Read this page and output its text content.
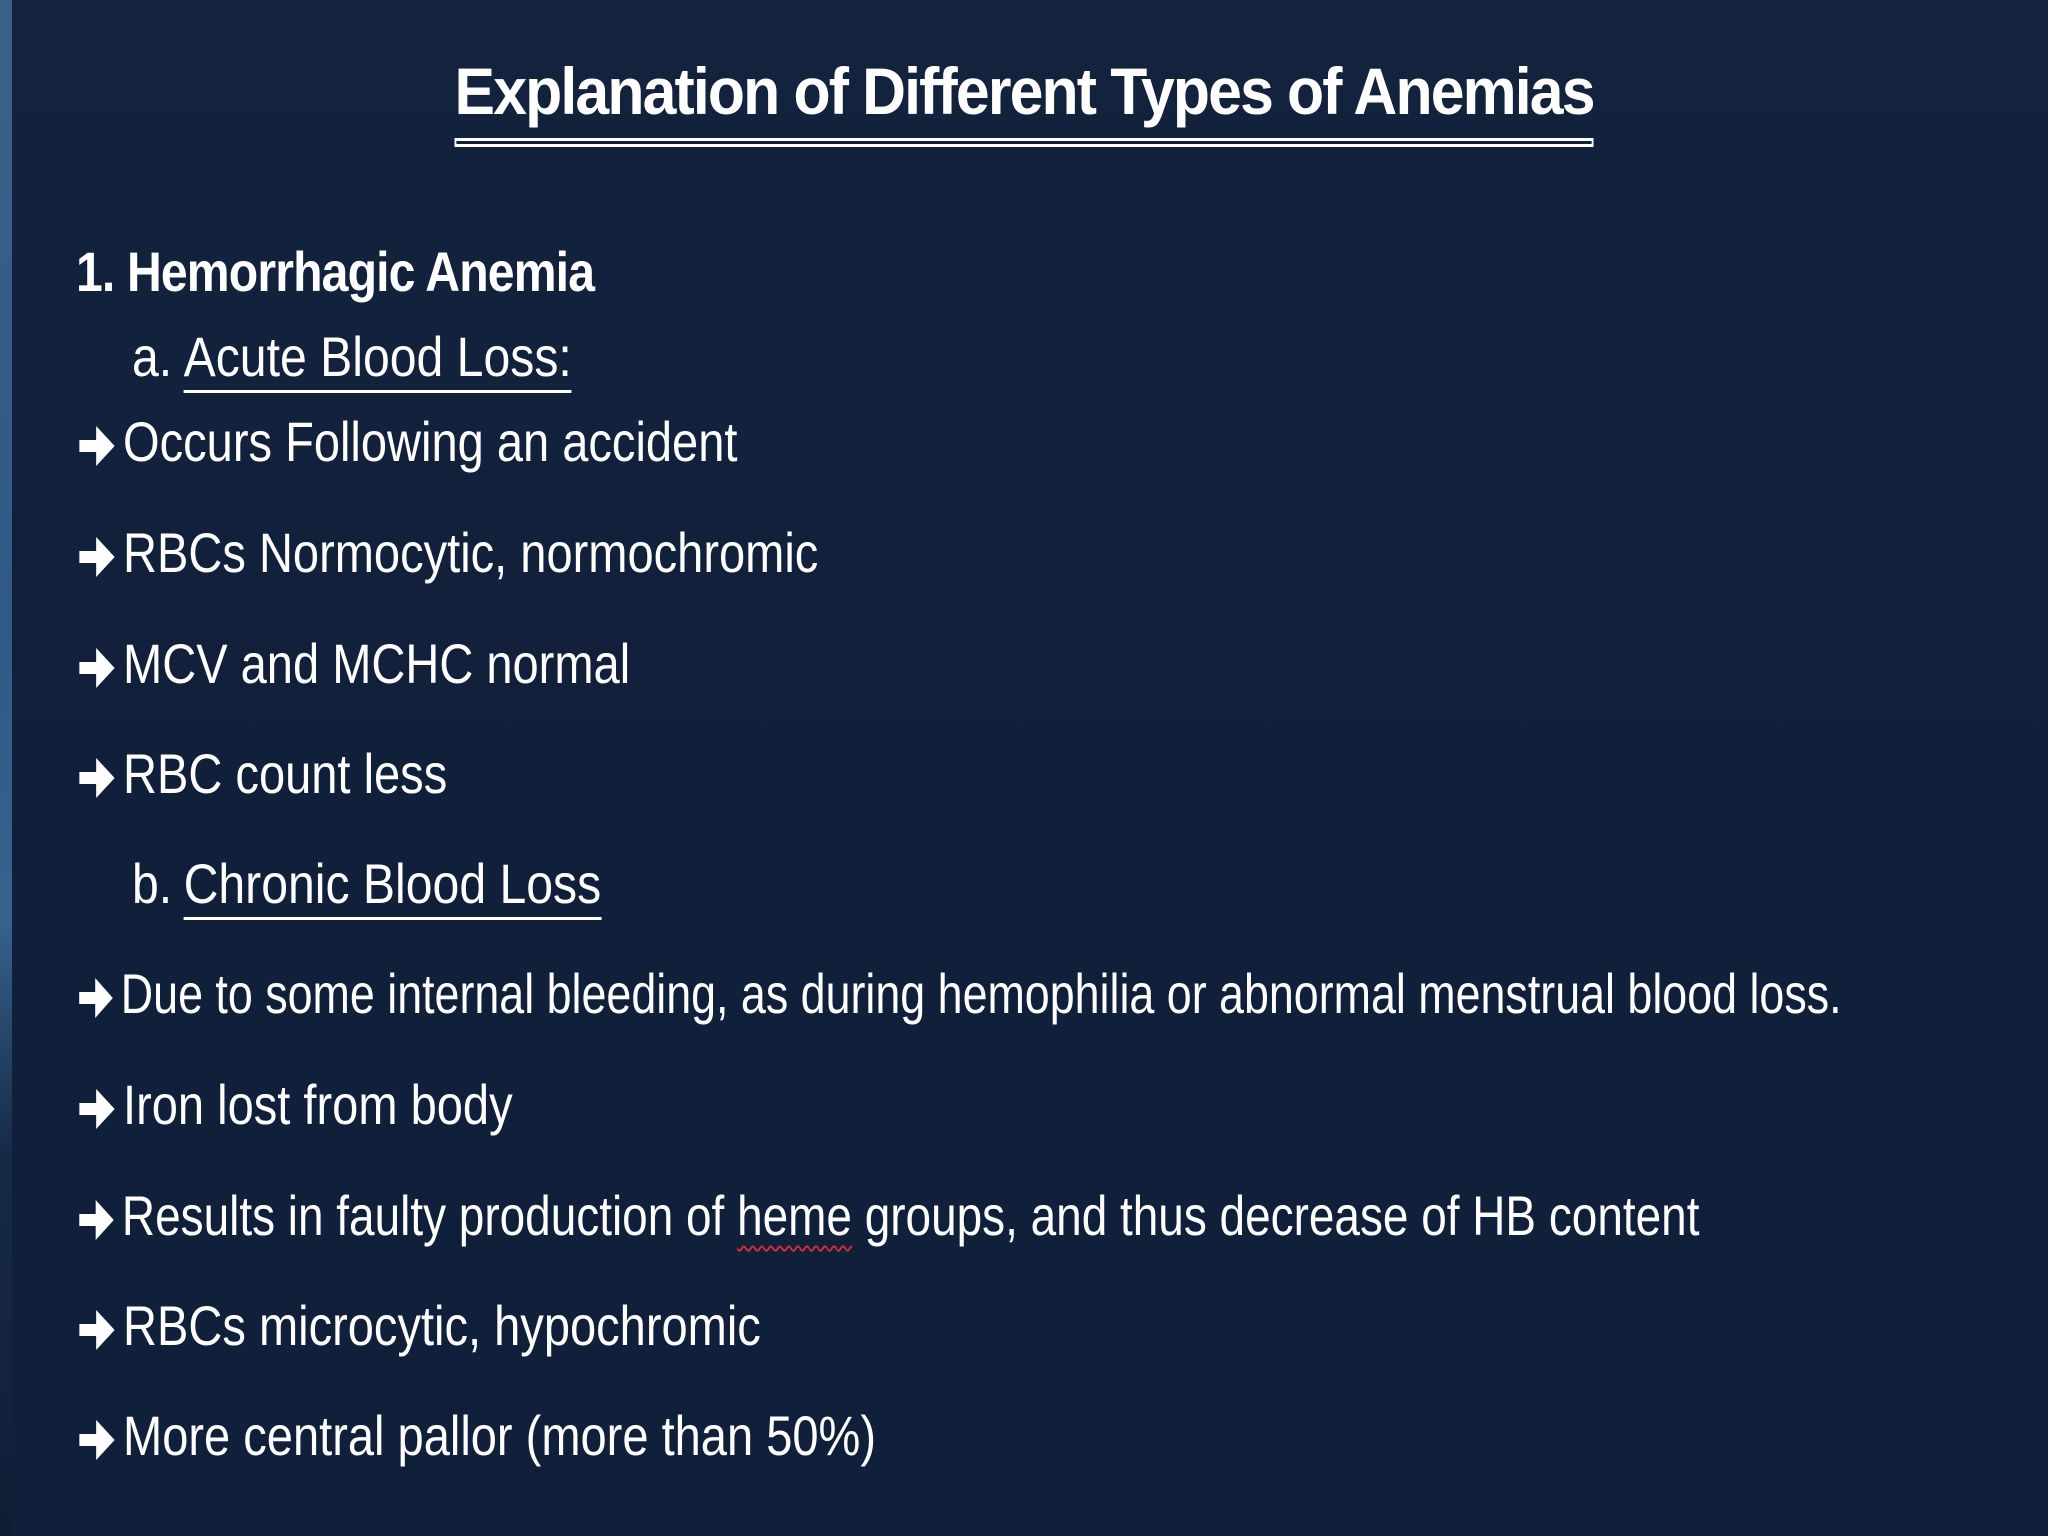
Explanation of Different Types of Anemias
1. Hemorrhagic Anemia
a. Acute Blood Loss:
Occurs Following an accident
RBCs Normocytic, normochromic
MCV and MCHC normal
RBC count less
b. Chronic Blood Loss
Due to some internal bleeding, as during hemophilia or abnormal menstrual blood loss.
Iron lost from body
Results in faulty production of heme groups, and thus decrease of HB content
RBCs microcytic, hypochromic
More central pallor (more than 50%)
